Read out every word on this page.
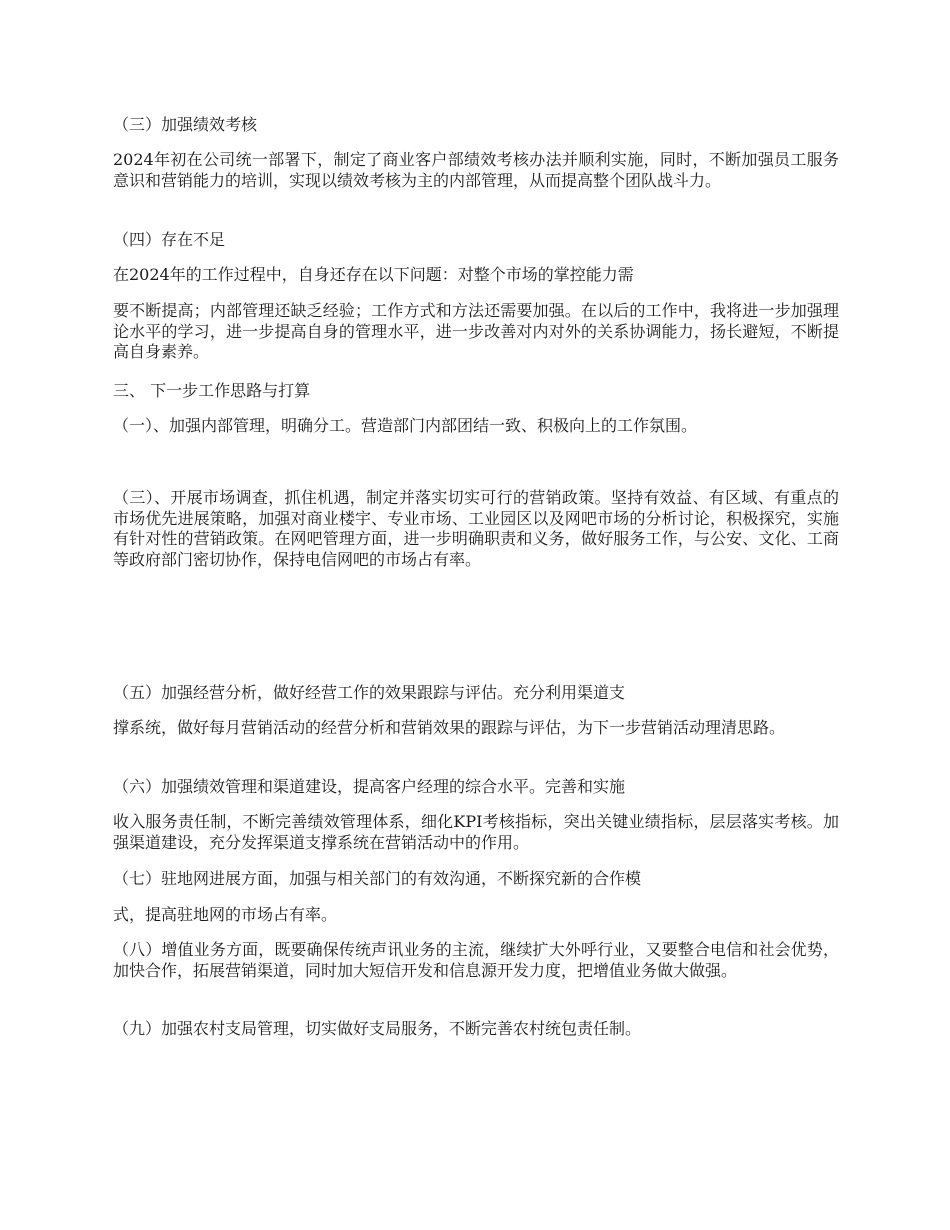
（三）加强绩效考核
2024年初在公司统一部署下，制定了商业客户部绩效考核办法并顺利实施，同时，不断加强员工服务意识和营销能力的培训，实现以绩效考核为主的内部管理，从而提高整个团队战斗力。
（四）存在不足
在2024年的工作过程中，自身还存在以下问题：对整个市场的掌控能力需
要不断提高；内部管理还缺乏经验；工作方式和方法还需要加强。在以后的工作中，我将进一步加强理论水平的学习，进一步提高自身的管理水平，进一步改善对内对外的关系协调能力，扬长避短，不断提高自身素养。
三、 下一步工作思路与打算
（一）、加强内部管理，明确分工。营造部门内部团结一致、积极向上的工作氛围。
（三）、开展市场调查，抓住机遇，制定并落实切实可行的营销政策。坚持有效益、有区域、有重点的市场优先进展策略，加强对商业楼宇、专业市场、工业园区以及网吧市场的分析讨论，积极探究，实施有针对性的营销政策。在网吧管理方面，进一步明确职责和义务，做好服务工作，与公安、文化、工商等政府部门密切协作，保持电信网吧的市场占有率。
（五）加强经营分析，做好经营工作的效果跟踪与评估。充分利用渠道支
撑系统，做好每月营销活动的经营分析和营销效果的跟踪与评估，为下一步营销活动理清思路。
（六）加强绩效管理和渠道建设，提高客户经理的综合水平。完善和实施
收入服务责任制，不断完善绩效管理体系，细化KPI考核指标，突出关键业绩指标，层层落实考核。加强渠道建设，充分发挥渠道支撑系统在营销活动中的作用。
（七）驻地网进展方面，加强与相关部门的有效沟通，不断探究新的合作模
式，提高驻地网的市场占有率。
（八）增值业务方面，既要确保传统声讯业务的主流，继续扩大外呼行业，又要整合电信和社会优势，加快合作，拓展营销渠道，同时加大短信开发和信息源开发力度，把增值业务做大做强。
（九）加强农村支局管理，切实做好支局服务，不断完善农村统包责任制。
